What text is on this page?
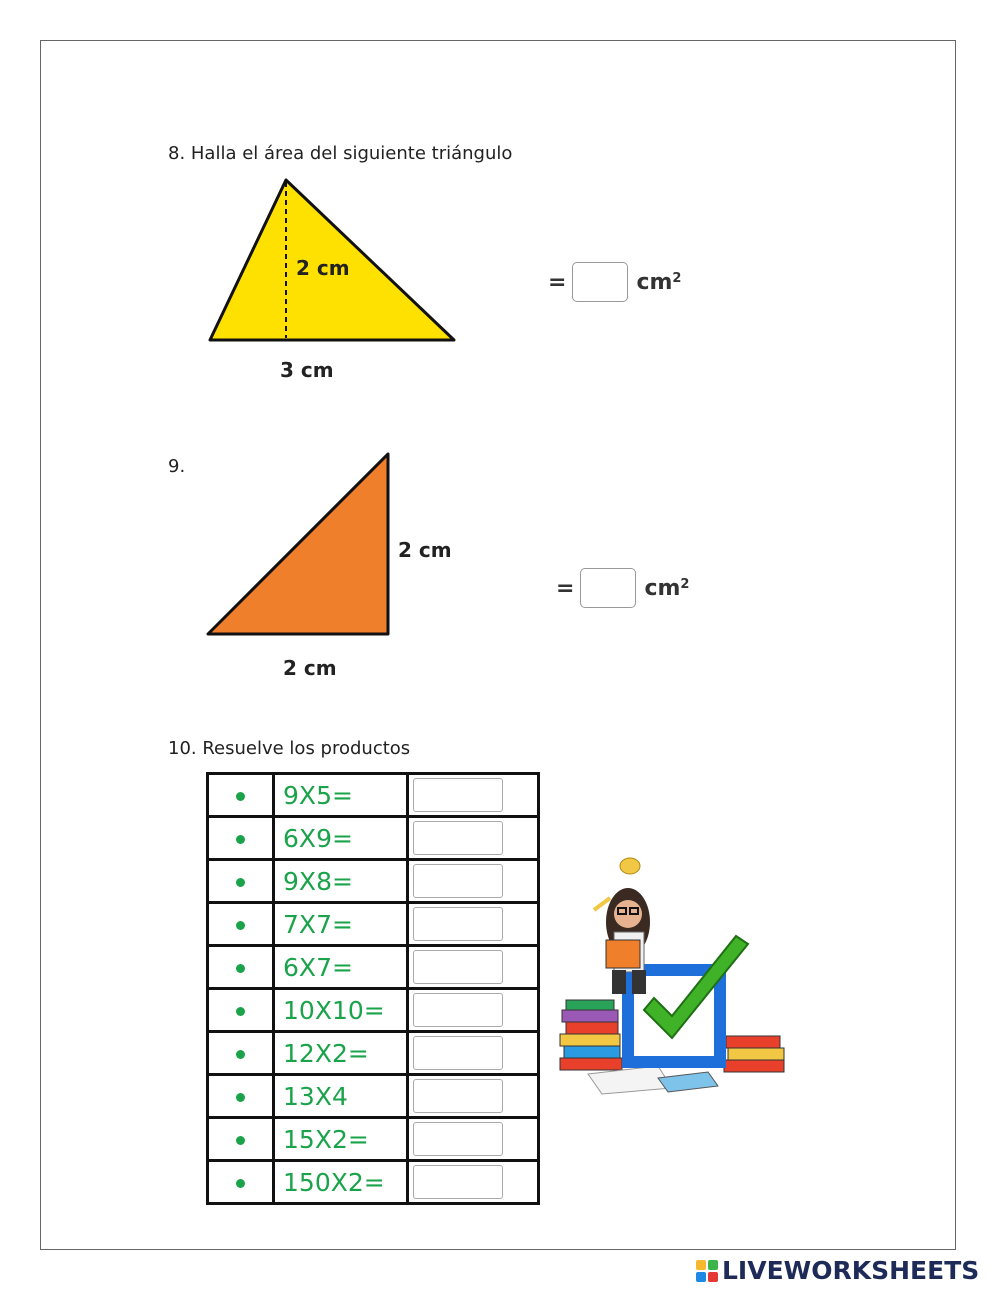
8. Halla el área del siguiente triángulo
2 cm
3 cm
=	$cm^2$
9.
2 cm
2 cm
=	$cm^2$
10. Resuelve los productos
	9X5=	

	6X9=	

	9X8=	

	7X7=	

	6X7=	

	10X10=	

	12X2=	

	13X4	

	15X2=	

	150X2=	
LIVEWORKSHEETS
